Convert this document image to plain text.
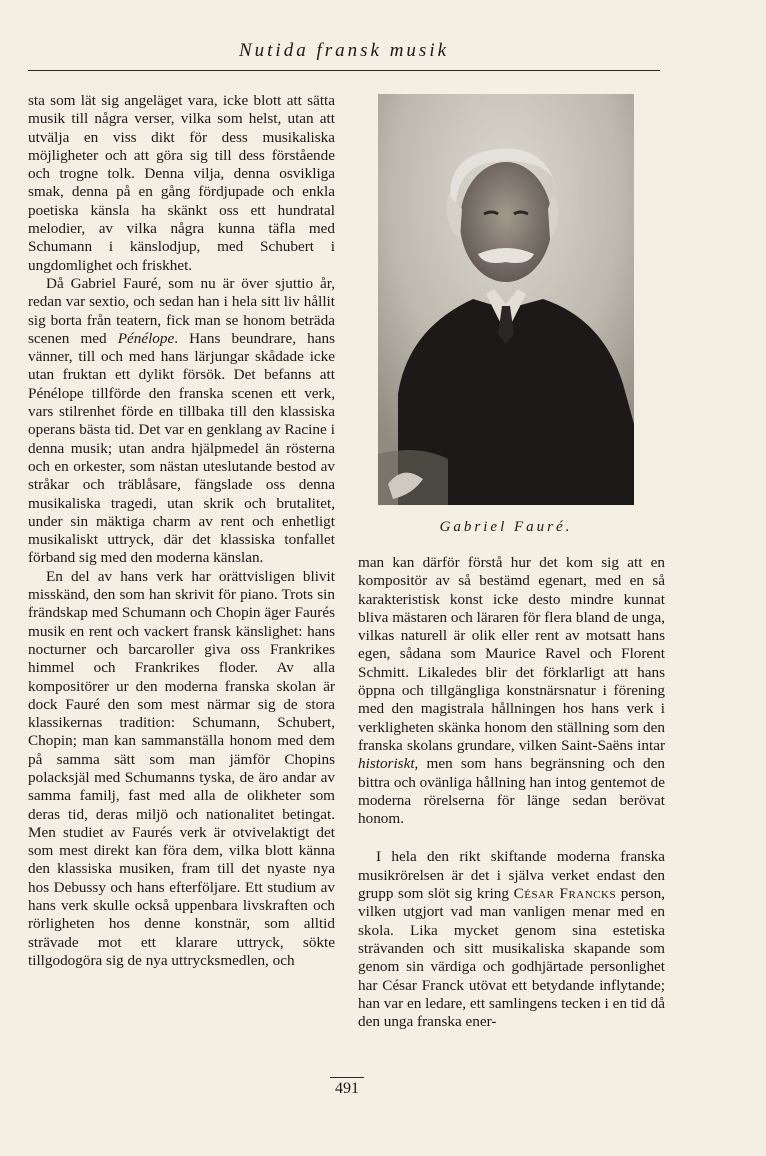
Nutida fransk musik

sta som lät sig angeläget vara, icke blott att sätta musik till några verser, vilka som helst, utan att utvälja en viss dikt för dess musikaliska möjligheter och att göra sig till dess förstående och trogne tolk. Denna vilja, denna osvikliga smak, denna på en gång fördjupade och enkla poetiska känsla ha skänkt oss ett hundratal melodier, av vilka några kunna täfla med Schumann i känslodjup, med Schubert i ungdomlighet och friskhet.

Då Gabriel Fauré, som nu är över sjuttio år, redan var sextio, och sedan han i hela sitt liv hållit sig borta från teatern, fick man se honom beträda scenen med Pénélope. Hans beundrare, hans vänner, till och med hans lärjungar skådade icke utan fruktan ett dylikt försök. Det befanns att Pénélope tillförde den franska scenen ett verk, vars stilrenhet förde en tillbaka till den klassiska operans bästa tid. Det var en genklang av Racine i denna musik; utan andra hjälpmedel än rösterna och en orkester, som nästan uteslutande bestod av stråkar och träblåsare, fängslade oss denna musikaliska tragedi, utan skrik och brutalitet, under sin mäktiga charm av rent och enhetligt musikaliskt uttryck, där det klassiska tonfallet förband sig med den moderna känslan.

En del av hans verk har orättvisligen blivit misskänd, den som han skrivit för piano. Trots sin frändskap med Schumann och Chopin äger Faurés musik en rent och vackert fransk känslighet: hans nocturner och barcaroller giva oss Frankrikes himmel och Frankrikes floder. Av alla kompositörer ur den moderna franska skolan är dock Fauré den som mest närmar sig de stora klassikernas tradition: Schumann, Schubert, Chopin; man kan sammanställa honom med dem på samma sätt som man jämför Chopins polacksjäl med Schumanns tyska, de äro andar av samma familj, fast med alla de olikheter som deras tid, deras miljö och nationalitet betingat. Men studiet av Faurés verk är otvivelaktigt det som mest direkt kan föra dem, vilka blott känna den klassiska musiken, fram till det nyaste nya hos Debussy och hans efterföljare. Ett studium av hans verk skulle också uppenbara livskraften och rörligheten hos denne konstnär, som alltid strävade mot ett klarare uttryck, sökte tillgodogöra sig de nya uttrycksmedlen, och

Gabriel Fauré.

man kan därför förstå hur det kom sig att en kompositör av så bestämd egenart, med en så karakteristisk konst icke desto mindre kunnat bliva mästaren och läraren för flera bland de unga, vilkas naturell är olik eller rent av motsatt hans egen, sådana som Maurice Ravel och Florent Schmitt. Likaledes blir det förklarligt att hans öppna och tillgängliga konstnärsnatur i förening med den magistrala hållningen hos hans verk i verkligheten skänka honom den ställning som den franska skolans grundare, vilken Saint-Saëns intar historiskt, men som hans begränsning och den bittra och ovänliga hållning han intog gentemot de moderna rörelserna för länge sedan berövat honom.

I hela den rikt skiftande moderna franska musikrörelsen är det i själva verket endast den grupp som slöt sig kring César Francks person, vilken utgjort vad man vanligen menar med en skola. Lika mycket genom sina estetiska strävanden och sitt musikaliska skapande som genom sin värdiga och godhjärtade personlighet har César Franck utövat ett betydande inflytande; han var en ledare, ett samlingens tecken i en tid då den unga franska ener-

491
